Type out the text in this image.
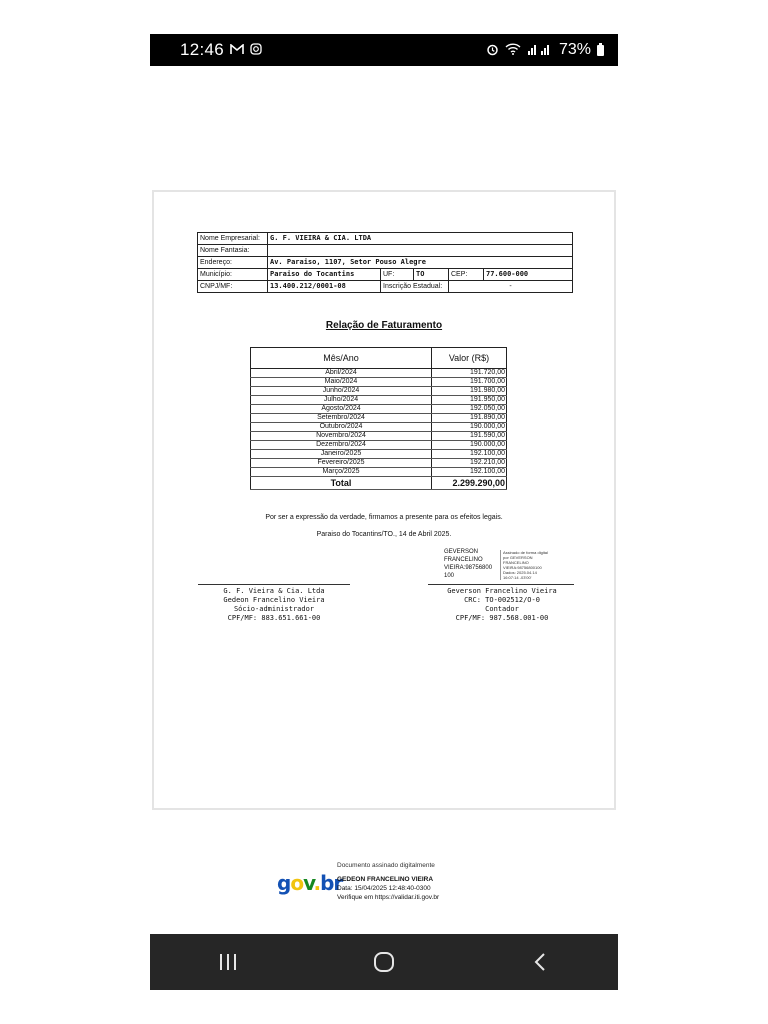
12:46	73%
Nome Empresarial:	G. F. VIEIRA & CIA. LTDA				
Nome Fantasia:					
Endereço:	Av. Paraiso, 1107, Setor Pouso Alegre				
Município:	Paraiso do Tocantins	UF:	TO	CEP:	77.600-000
CNPJ/MF:	13.400.212/0001-08	Inscrição Estadual:		-	
Relação de Faturamento
Mês/Ano	Valor (R$)
Abril/2024	191.720,00
Maio/2024	191.700,00
Junho/2024	191.980,00
Julho/2024	191.950,00
Agosto/2024	192.050,00
Setembro/2024	191.890,00
Outubro/2024	190.000,00
Novembro/2024	191.590,00
Dezembro/2024	190.000,00
Janeiro/2025	192.100,00
Fevereiro/2025	192.210,00
Março/2025	192.100,00
Total	2.299.290,00
Por ser a expressão da verdade, firmamos a presente para os efeitos legais.
Paraiso do Tocantins/TO., 14 de Abril 2025.
GEVERSON
FRANCELINO
VIEIRA:98756800
100
Assinado de forma digital
por GEVERSON
FRANCELINO
VIEIRA:98756800100
Dados: 2025.04.14
16:07:14 -03'00'
G. F. Vieira & Cia. Ltda
Gedeon Francelino Vieira
Sócio-administrador
CPF/MF: 883.651.661-00
Geverson Francelino Vieira
CRC: TO-002512/O-0
Contador
CPF/MF: 987.568.001-00
gov.br
Documento assinado digitalmente
GEDEON FRANCELINO VIEIRA
Data: 15/04/2025 12:48:40-0300
Verifique em https://validar.iti.gov.br
